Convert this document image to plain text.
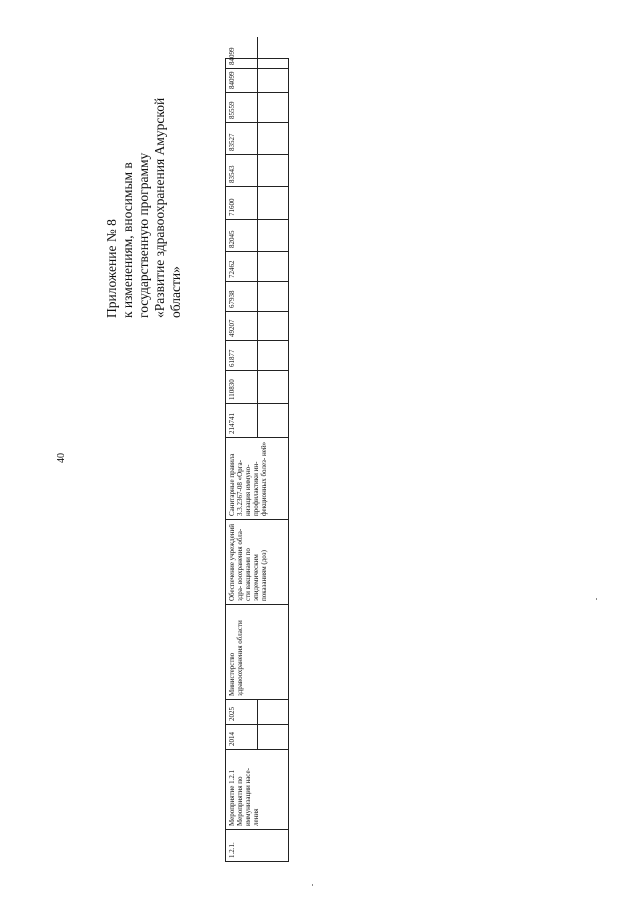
40
Приложение № 8 к изменениям, вносимым в государственную программу «Развитие здравоохранения Амурской области»
1.2.1.
Мероприятие 1.2.1 Мероприятия по иммунизации насе- ления
2014
2025
Министерство здравоохранения области
Обеспечение учреждений здра- воохранения обла- сти вакцинами по эпидемическим показаниям (доз)
Санитарные правила 3.3.2367-08 «Орга- низация иммуно- профилактики ин- фекционных болез- ней»
214741
110830
61877
49207
67938
72462
82045
71600
83543
83527
85559
84099
84099
